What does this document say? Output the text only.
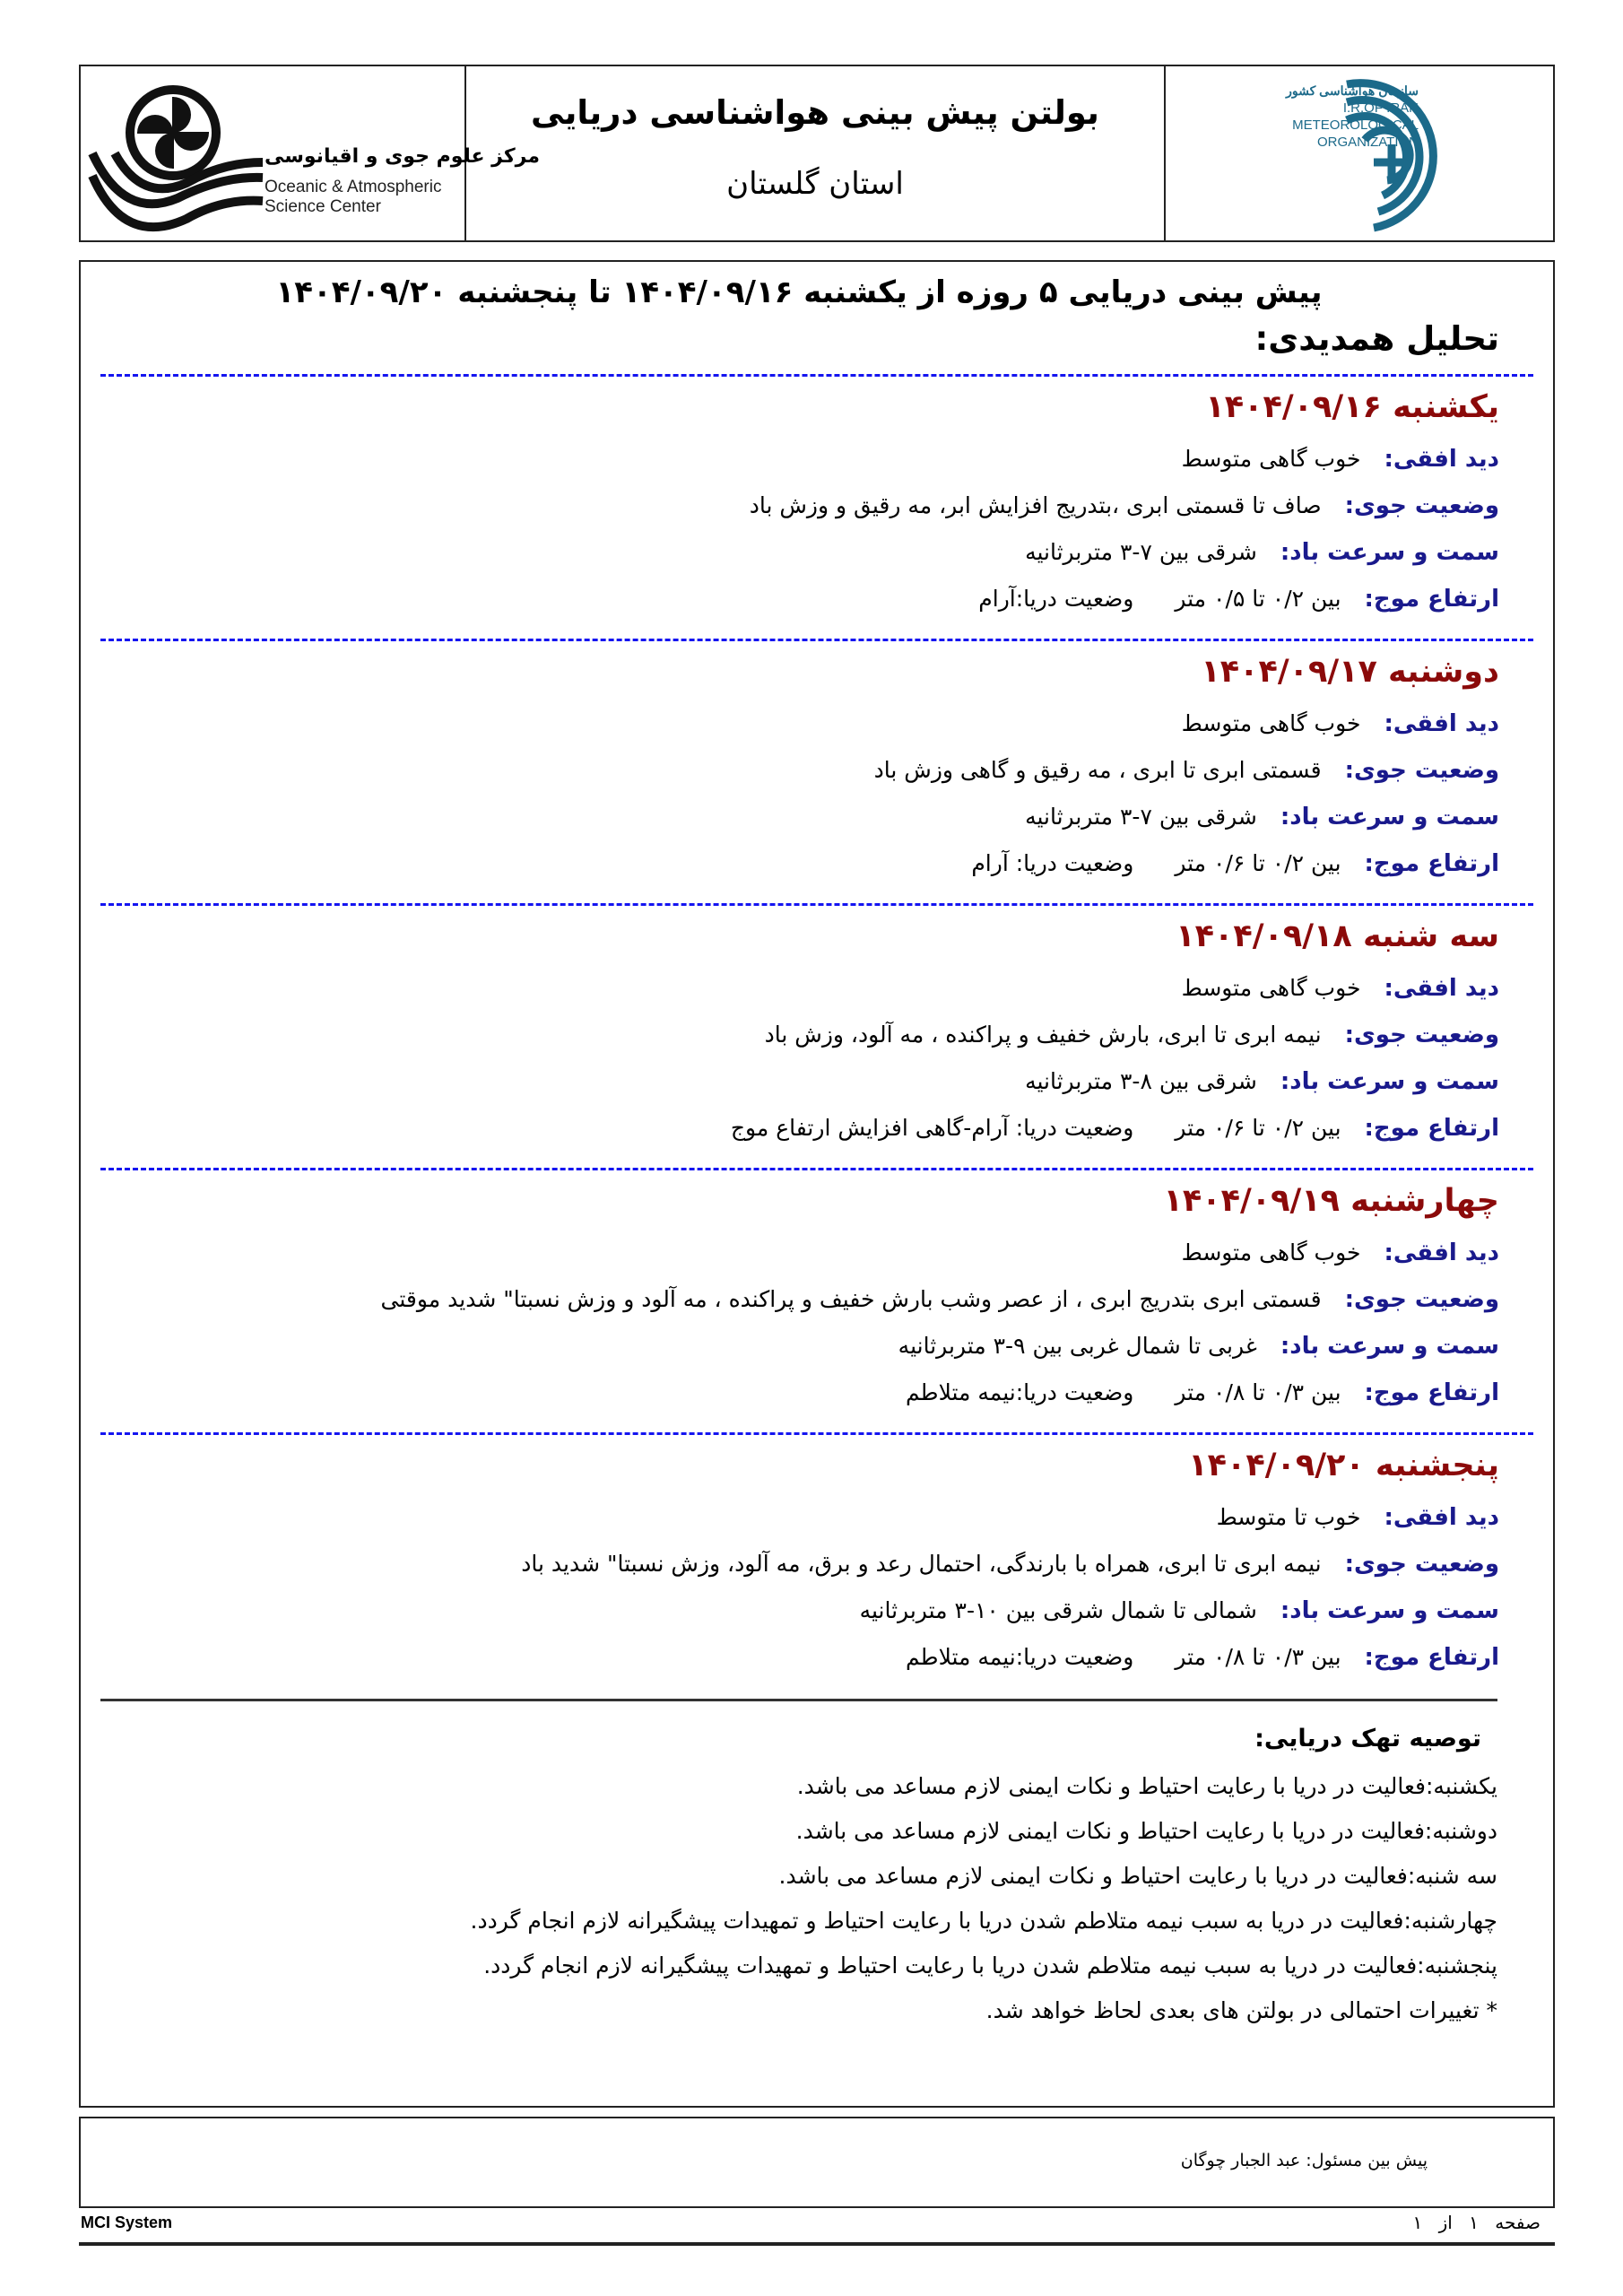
مرکز علوم جوی و اقیانوسی
Oceanic & Atmospheric
Science Center
بولتن پیش بینی هواشناسی دریایی
استان گلستان
سازمان هواشناسی کشور
I.R.OF IRAN
METEOROLOGICAL
ORGANIZATION
پیش بینی دریایی ۵ روزه از یکشنبه ۱۴۰۴/۰۹/۱۶ تا پنجشنبه ۱۴۰۴/۰۹/۲۰
تحلیل همدیدی:
یکشنبه ۱۴۰۴/۰۹/۱۶
دید افقی:خوب گاهی متوسط
وضعیت جوی:صاف تا قسمتی ابری ،بتدریج افزایش ابر، مه رقیق و وزش باد
سمت و سرعت باد:شرقی بین ۷-۳ متربرثانیه
ارتفاع موج:بین ۰/۲ تا ۰/۵ متروضعیت دریا:آرام
دوشنبه ۱۴۰۴/۰۹/۱۷
دید افقی:خوب گاهی متوسط
وضعیت جوی:قسمتی ابری تا ابری ، مه رقیق و گاهی وزش باد
سمت و سرعت باد:شرقی بین ۷-۳ متربرثانیه
ارتفاع موج:بین ۰/۲ تا ۰/۶ متروضعیت دریا: آرام
سه شنبه ۱۴۰۴/۰۹/۱۸
دید افقی:خوب گاهی متوسط
وضعیت جوی:نیمه ابری تا ابری، بارش خفیف و پراکنده ، مه آلود، وزش باد
سمت و سرعت باد:شرقی بین ۸-۳ متربرثانیه
ارتفاع موج:بین ۰/۲ تا ۰/۶ متروضعیت دریا: آرام-گاهی افزایش ارتفاع موج
چهارشنبه ۱۴۰۴/۰۹/۱۹
دید افقی:خوب گاهی متوسط
وضعیت جوی:قسمتی ابری بتدریج ابری ، از عصر وشب بارش خفیف و پراکنده ، مه آلود و وزش نسبتا" شدید موقتی
سمت و سرعت باد:غربی تا شمال غربی بین ۹-۳ متربرثانیه
ارتفاع موج:بین ۰/۳ تا ۰/۸ متروضعیت دریا:نیمه متلاطم
پنجشنبه ۱۴۰۴/۰۹/۲۰
دید افقی:خوب تا متوسط
وضعیت جوی:نیمه ابری تا ابری، همراه با بارندگی، احتمال رعد و برق، مه آلود، وزش نسبتا" شدید باد
سمت و سرعت باد:شمالی تا شمال شرقی بین ۱۰-۳ متربرثانیه
ارتفاع موج:بین ۰/۳ تا ۰/۸ متروضعیت دریا:نیمه متلاطم
توصیه تهک دریایی:
یکشنبه:فعالیت در دریا با رعایت احتیاط و نکات ایمنی لازم مساعد می باشد.
دوشنبه:فعالیت در دریا با رعایت احتیاط و نکات ایمنی لازم مساعد می باشد.
سه شنبه:فعالیت در دریا با رعایت احتیاط و نکات ایمنی لازم مساعد می باشد.
چهارشنبه:فعالیت در دریا به سبب نیمه متلاطم شدن دریا با رعایت احتیاط و تمهیدات پیشگیرانه لازم انجام گردد.
پنجشنبه:فعالیت در دریا به سبب نیمه متلاطم شدن دریا با رعایت احتیاط و تمهیدات پیشگیرانه لازم انجام گردد.
* تغییرات احتمالی در بولتن های بعدی لحاظ خواهد شد.
پیش بین مسئول: عبد الجبار چوگان
MCI System	صفحه ۱ از ۱
